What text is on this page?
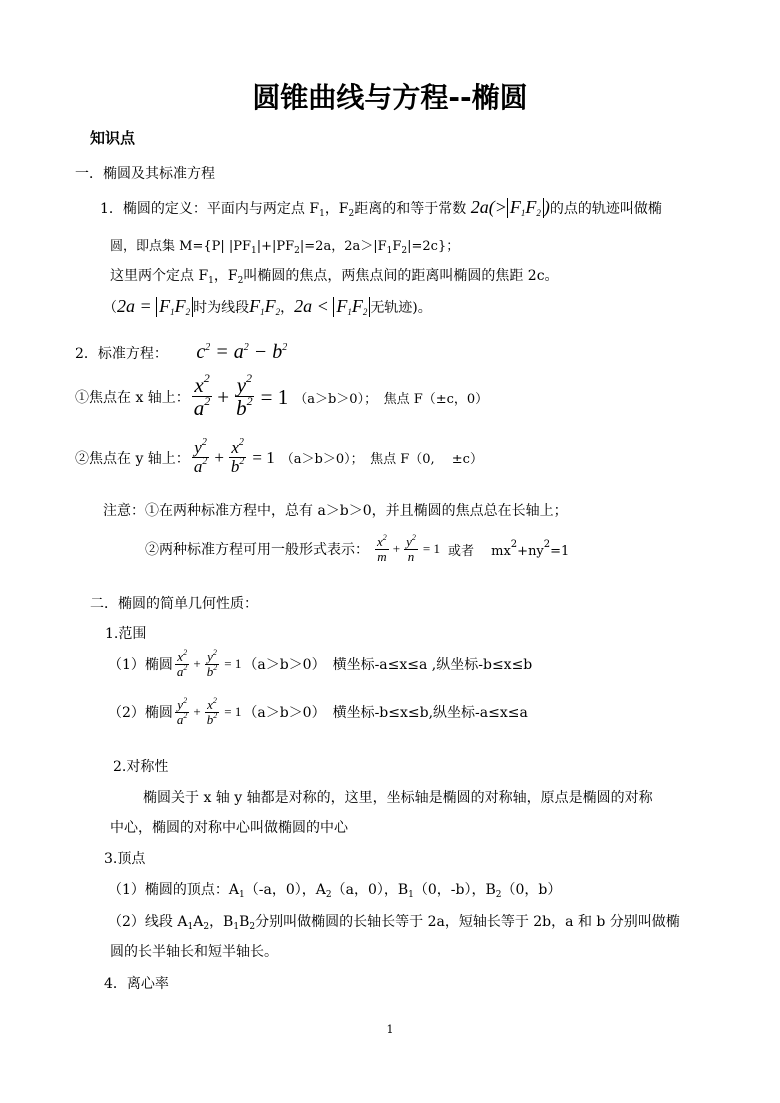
圆锥曲线与方程--椭圆
知识点
一．椭圆及其标准方程
1．椭圆的定义：平面内与两定点 $F_1$，$F_2$距离的和等于常数 $2a(> F_1F_2$ )的点的轨迹叫做椭
圆，即点集 M={P| $|PF_1|+|PF_2|=2a$，$2a>|F_1F_2|=2c$}；
这里两个定点 $F_1$，$F_2$叫椭圆的焦点，两焦点间的距离叫椭圆的焦距 2c。
（$2a = F_1F_2$ 时为线段$F_1F_2$，$2a < F_1F_2$ 无轨迹)。
2．标准方程： $c^2 = a^2 - b^2$
①焦点在 x 轴上： $\frac{x^2}{a^2} + \frac{y^2}{b^2} = 1$ （a＞b＞0）；　焦点 F（±c，0）
②焦点在 y 轴上： $\frac{y^2}{a^2} + \frac{x^2}{b^2} = 1$ （a＞b＞0）；　焦点 F（0,　 ±c）
注意：①在两种标准方程中，总有 a＞b＞0，并且椭圆的焦点总在长轴上；
②两种标准方程可用一般形式表示： $\frac{x^2}{m} + \frac{y^2}{n} = 1$ 或者　 $mx^2+ny^2=1$
二．椭圆的简单几何性质：
1.范围
（1）椭圆 $\frac{x^2}{a^2} + \frac{y^2}{b^2} = 1$ （a＞b＞0）　横坐标-a≤x≤a ,纵坐标-b≤x≤b
（2）椭圆 $\frac{y^2}{a^2} + \frac{x^2}{b^2} = 1$ （a＞b＞0）　横坐标-b≤x≤b,纵坐标-a≤x≤a
2.对称性
椭圆关于 x 轴 y 轴都是对称的，这里，坐标轴是椭圆的对称轴，原点是椭圆的对称
中心，椭圆的对称中心叫做椭圆的中心
3.顶点
（1）椭圆的顶点：$A_1(-a$，0），$A_2(a$，0），$B_1(0$，-b），$B_2(0$，b）
（2）线段 $A_1A_2$，$B_1B_2$分别叫做椭圆的长轴长等于 2a，短轴长等于 2b，a 和 b 分别叫做椭
圆的长半轴长和短半轴长。
4．离心率
1
